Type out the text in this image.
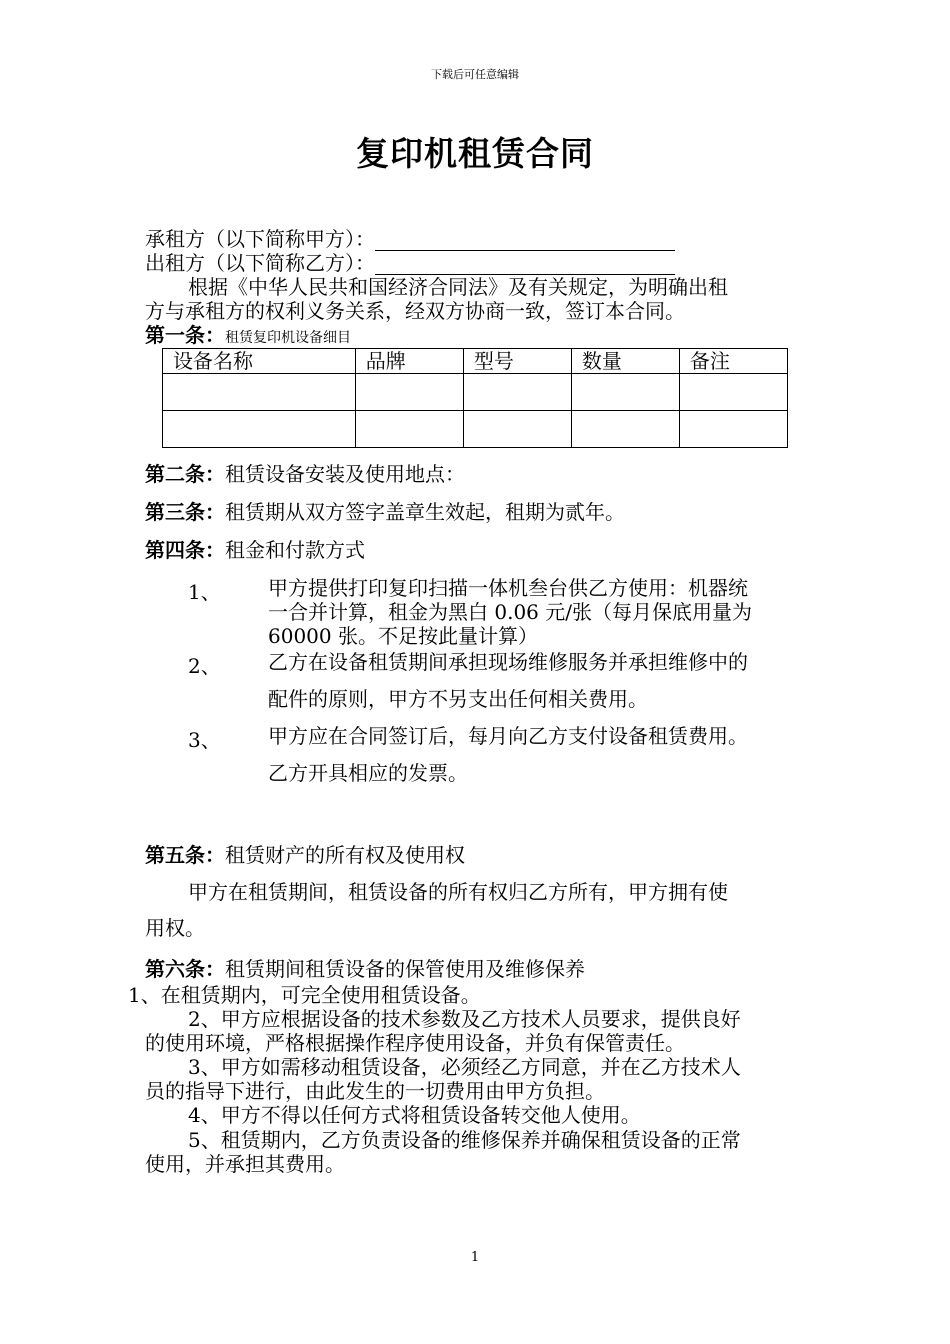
下载后可任意编辑
复印机租赁合同
承租方（以下简称甲方）：
出租方（以下简称乙方）：
根据《中华人民共和国经济合同法》及有关规定，为明确出租
方与承租方的权利义务关系，经双方协商一致，签订本合同。
第一条：租赁复印机设备细目
设备名称	品牌	型号	数量	备注

第二条：租赁设备安装及使用地点：
第三条：租赁期从双方签字盖章生效起，租期为贰年。
第四条：租金和付款方式
1、 甲方提供打印复印扫描一体机叁台供乙方使用：机器统
一合并计算，租金为黑白 0.06 元/张（每月保底用量为
60000 张。不足按此量计算）
2、 乙方在设备租赁期间承担现场维修服务并承担维修中的
配件的原则，甲方不另支出任何相关费用。
3、 甲方应在合同签订后，每月向乙方支付设备租赁费用。
乙方开具相应的发票。
第五条：租赁财产的所有权及使用权
甲方在租赁期间，租赁设备的所有权归乙方所有，甲方拥有使
用权。
第六条：租赁期间租赁设备的保管使用及维修保养
1、在租赁期内，可完全使用租赁设备。
2、甲方应根据设备的技术参数及乙方技术人员要求，提供良好
的使用环境，严格根据操作程序使用设备，并负有保管责任。
3、甲方如需移动租赁设备，必须经乙方同意，并在乙方技术人
员的指导下进行，由此发生的一切费用由甲方负担。
4、甲方不得以任何方式将租赁设备转交他人使用。
5、租赁期内，乙方负责设备的维修保养并确保租赁设备的正常
使用，并承担其费用。
1
